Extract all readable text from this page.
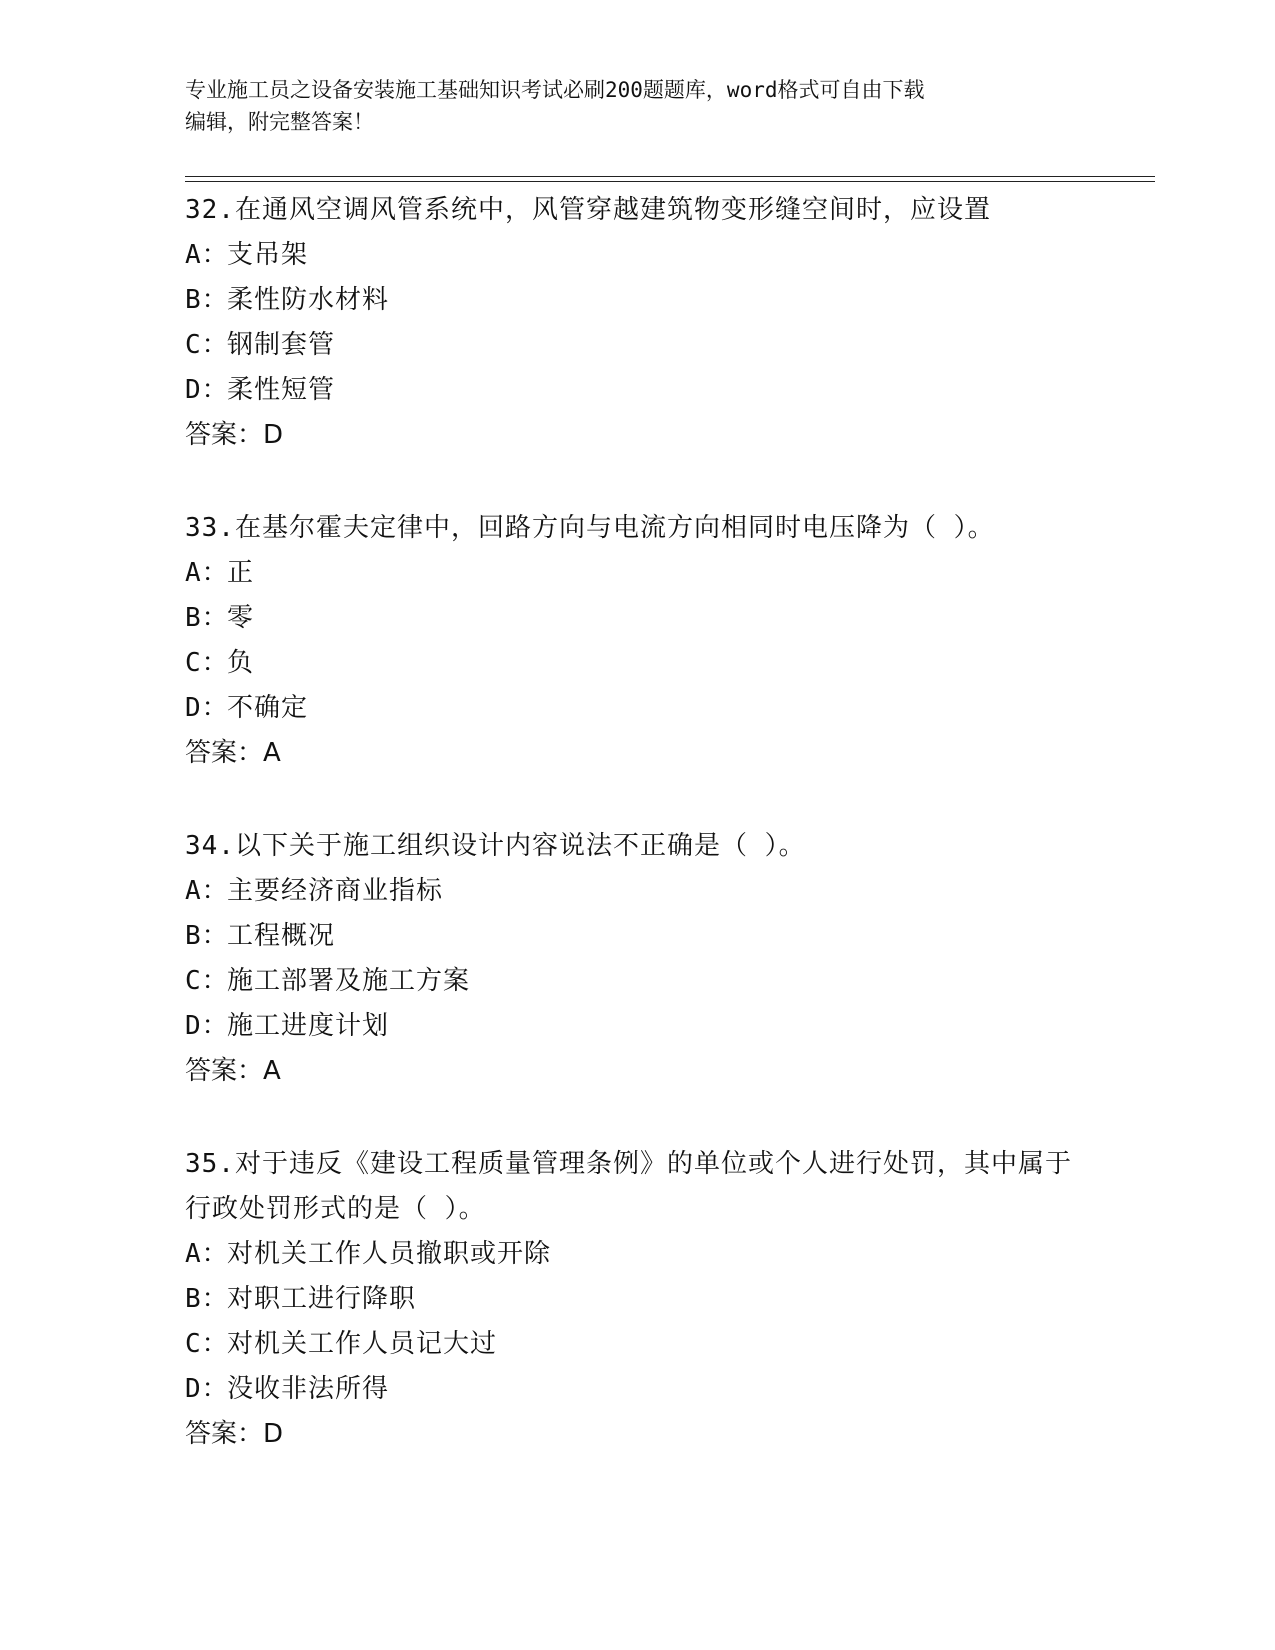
专业施工员之设备安装施工基础知识考试必刷200题题库，word格式可自由下载
编辑，附完整答案！

32.在通风空调风管系统中，风管穿越建筑物变形缝空间时，应设置

A：支吊架
B：柔性防水材料
C：钢制套管
D：柔性短管
答案：D

33.在基尔霍夫定律中，回路方向与电流方向相同时电压降为（ ）。

A：正
B：零
C：负
D：不确定
答案：A

34.以下关于施工组织设计内容说法不正确是（ ）。

A：主要经济商业指标
B：工程概况
C：施工部署及施工方案
D：施工进度计划
答案：A

35.对于违反《建设工程质量管理条例》的单位或个人进行处罚，其中属于行政处罚形式的是（ ）。

A：对机关工作人员撤职或开除
B：对职工进行降职
C：对机关工作人员记大过
D：没收非法所得
答案：D
